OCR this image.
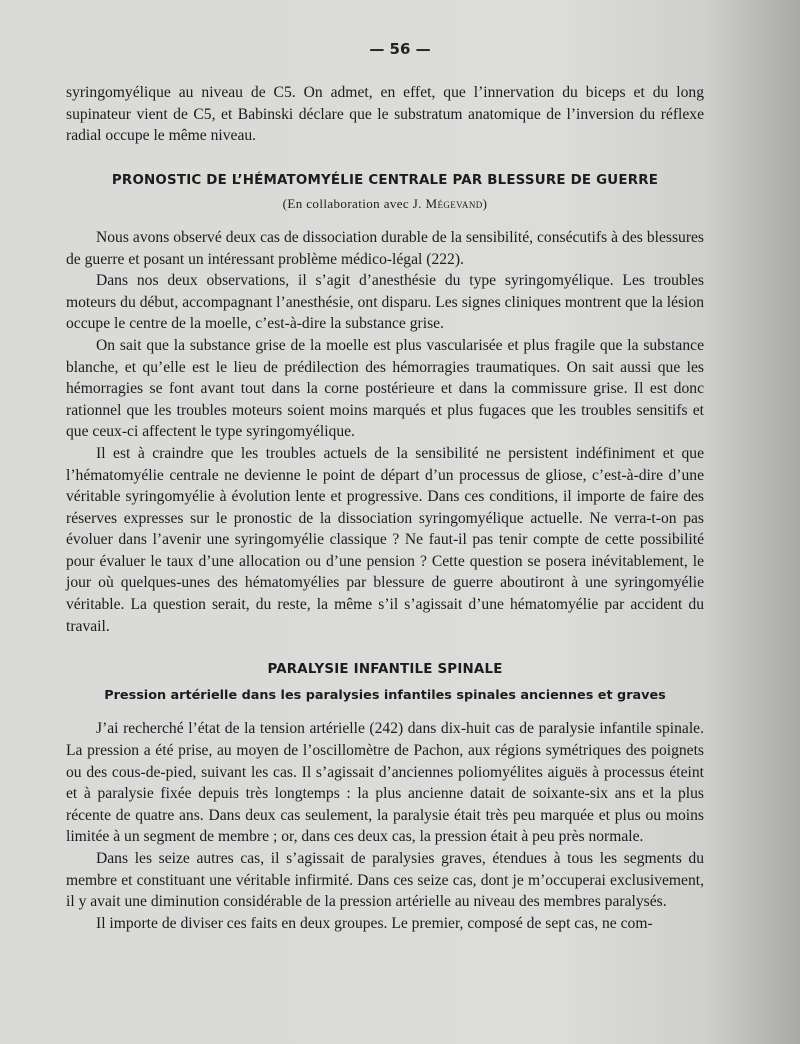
— 56 —

syringomyélique au niveau de C5. On admet, en effet, que l’innervation du biceps et du long supinateur vient de C5, et Babinski déclare que le substratum anatomique de l’inversion du réflexe radial occupe le même niveau.

PRONOSTIC DE L’HÉMATOMYÉLIE CENTRALE PAR BLESSURE DE GUERRE
(En collaboration avec J. Mégevand)

Nous avons observé deux cas de dissociation durable de la sensibilité, consécutifs à des blessures de guerre et posant un intéressant problème médico-légal (222).

Dans nos deux observations, il s’agit d’anesthésie du type syringomyélique. Les troubles moteurs du début, accompagnant l’anesthésie, ont disparu. Les signes cliniques montrent que la lésion occupe le centre de la moelle, c’est-à-dire la substance grise.

On sait que la substance grise de la moelle est plus vascularisée et plus fragile que la substance blanche, et qu’elle est le lieu de prédilection des hémorragies traumatiques. On sait aussi que les hémorragies se font avant tout dans la corne postérieure et dans la commissure grise. Il est donc rationnel que les troubles moteurs soient moins marqués et plus fugaces que les troubles sensitifs et que ceux-ci affectent le type syringomyélique.

Il est à craindre que les troubles actuels de la sensibilité ne persistent indéfiniment et que l’hématomyélie centrale ne devienne le point de départ d’un processus de gliose, c’est-à-dire d’une véritable syringomyélie à évolution lente et progressive. Dans ces conditions, il importe de faire des réserves expresses sur le pronostic de la dissociation syringomyélique actuelle. Ne verra-t-on pas évoluer dans l’avenir une syringomyélie classique ? Ne faut-il pas tenir compte de cette possibilité pour évaluer le taux d’une allocation ou d’une pension ? Cette question se posera inévitablement, le jour où quelques-unes des hématomyélies par blessure de guerre aboutiront à une syringomyélie véritable. La question serait, du reste, la même s’il s’agissait d’une hématomyélie par accident du travail.

PARALYSIE INFANTILE SPINALE
Pression artérielle dans les paralysies infantiles spinales anciennes et graves

J’ai recherché l’état de la tension artérielle (242) dans dix-huit cas de paralysie infantile spinale. La pression a été prise, au moyen de l’oscillomètre de Pachon, aux régions symétriques des poignets ou des cous-de-pied, suivant les cas. Il s’agissait d’anciennes poliomyélites aiguës à processus éteint et à paralysie fixée depuis très longtemps : la plus ancienne datait de soixante-six ans et la plus récente de quatre ans. Dans deux cas seulement, la paralysie était très peu marquée et plus ou moins limitée à un segment de membre ; or, dans ces deux cas, la pression était à peu près normale.

Dans les seize autres cas, il s’agissait de paralysies graves, étendues à tous les segments du membre et constituant une véritable infirmité. Dans ces seize cas, dont je m’occuperai exclusivement, il y avait une diminution considérable de la pression artérielle au niveau des membres paralysés.

Il importe de diviser ces faits en deux groupes. Le premier, composé de sept cas, ne com-
